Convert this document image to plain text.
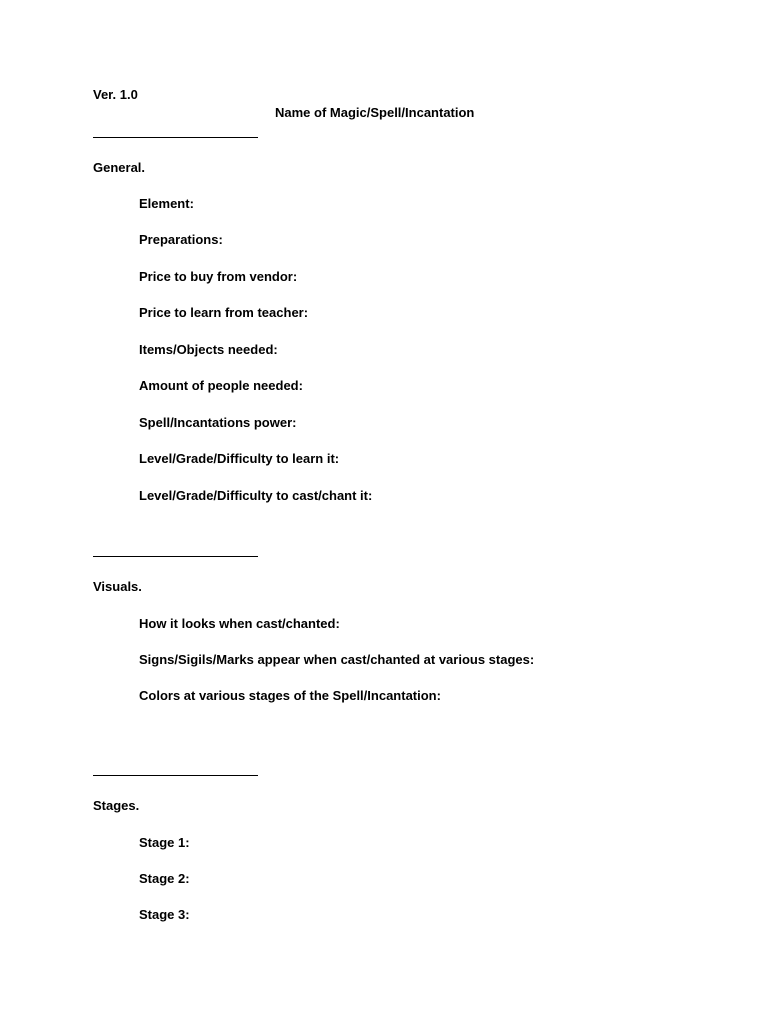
Ver. 1.0
Name of Magic/Spell/Incantation
General.
Element:
Preparations:
Price to buy from vendor:
Price to learn from teacher:
Items/Objects needed:
Amount of people needed:
Spell/Incantations power:
Level/Grade/Difficulty to learn it:
Level/Grade/Difficulty to cast/chant it:
Visuals.
How it looks when cast/chanted:
Signs/Sigils/Marks appear when cast/chanted at various stages:
Colors at various stages of the Spell/Incantation:
Stages.
Stage 1:
Stage 2:
Stage 3:
